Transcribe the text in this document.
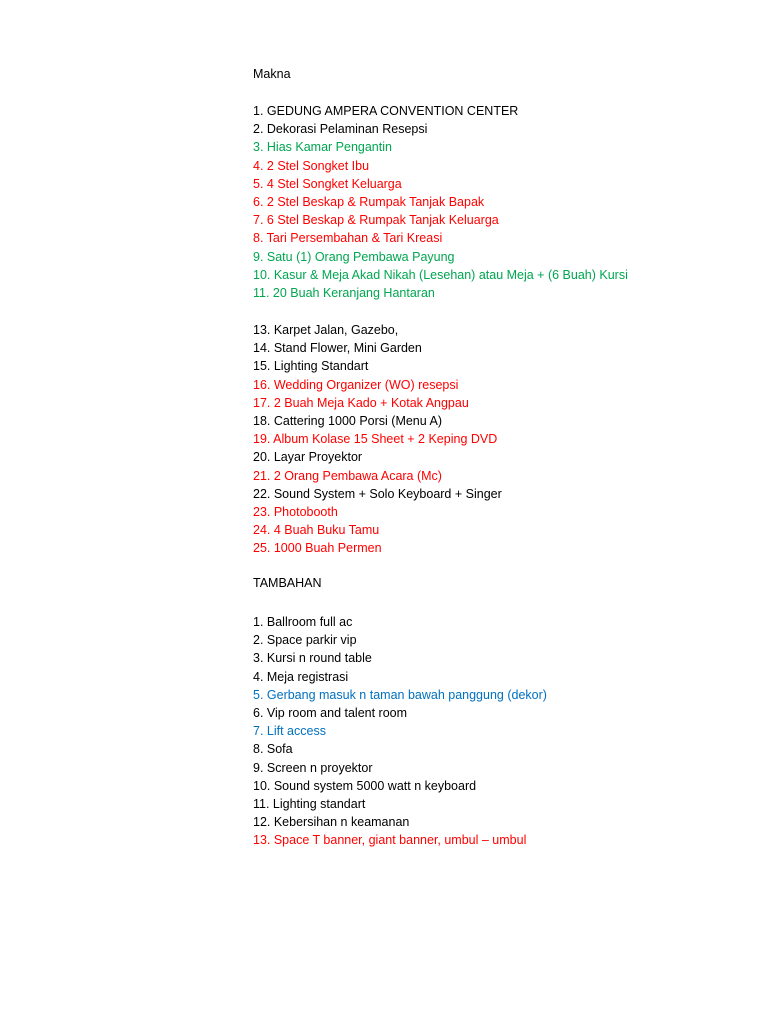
Makna

1. GEDUNG AMPERA CONVENTION CENTER
2. Dekorasi Pelaminan Resepsi
3. Hias Kamar Pengantin
4. 2 Stel Songket Ibu
5. 4 Stel Songket Keluarga
6. 2 Stel Beskap & Rumpak Tanjak Bapak
7. 6 Stel Beskap & Rumpak Tanjak Keluarga
8. Tari Persembahan & Tari Kreasi
9. Satu (1) Orang Pembawa Payung
10. Kasur & Meja Akad Nikah (Lesehan) atau Meja + (6 Buah) Kursi
11. 20 Buah Keranjang Hantaran
13. Karpet Jalan, Gazebo,
14. Stand Flower, Mini Garden
15. Lighting Standart
16. Wedding Organizer (WO) resepsi
17. 2 Buah Meja Kado + Kotak Angpau
18. Cattering 1000 Porsi (Menu A)
19. Album Kolase 15 Sheet + 2 Keping DVD
20. Layar Proyektor
21. 2 Orang Pembawa Acara (Mc)
22. Sound System + Solo Keyboard + Singer
23. Photobooth
24. 4 Buah Buku Tamu
25. 1000 Buah Permen

TAMBAHAN

1. Ballroom full ac
2. Space parkir vip
3. Kursi n round table
4. Meja registrasi
5. Gerbang masuk n taman bawah panggung (dekor)
6. Vip room and talent room
7. Lift access
8. Sofa
9. Screen n proyektor
10. Sound system 5000 watt n keyboard
11. Lighting standart
12. Kebersihan n keamanan
13. Space T banner, giant banner, umbul – umbul
